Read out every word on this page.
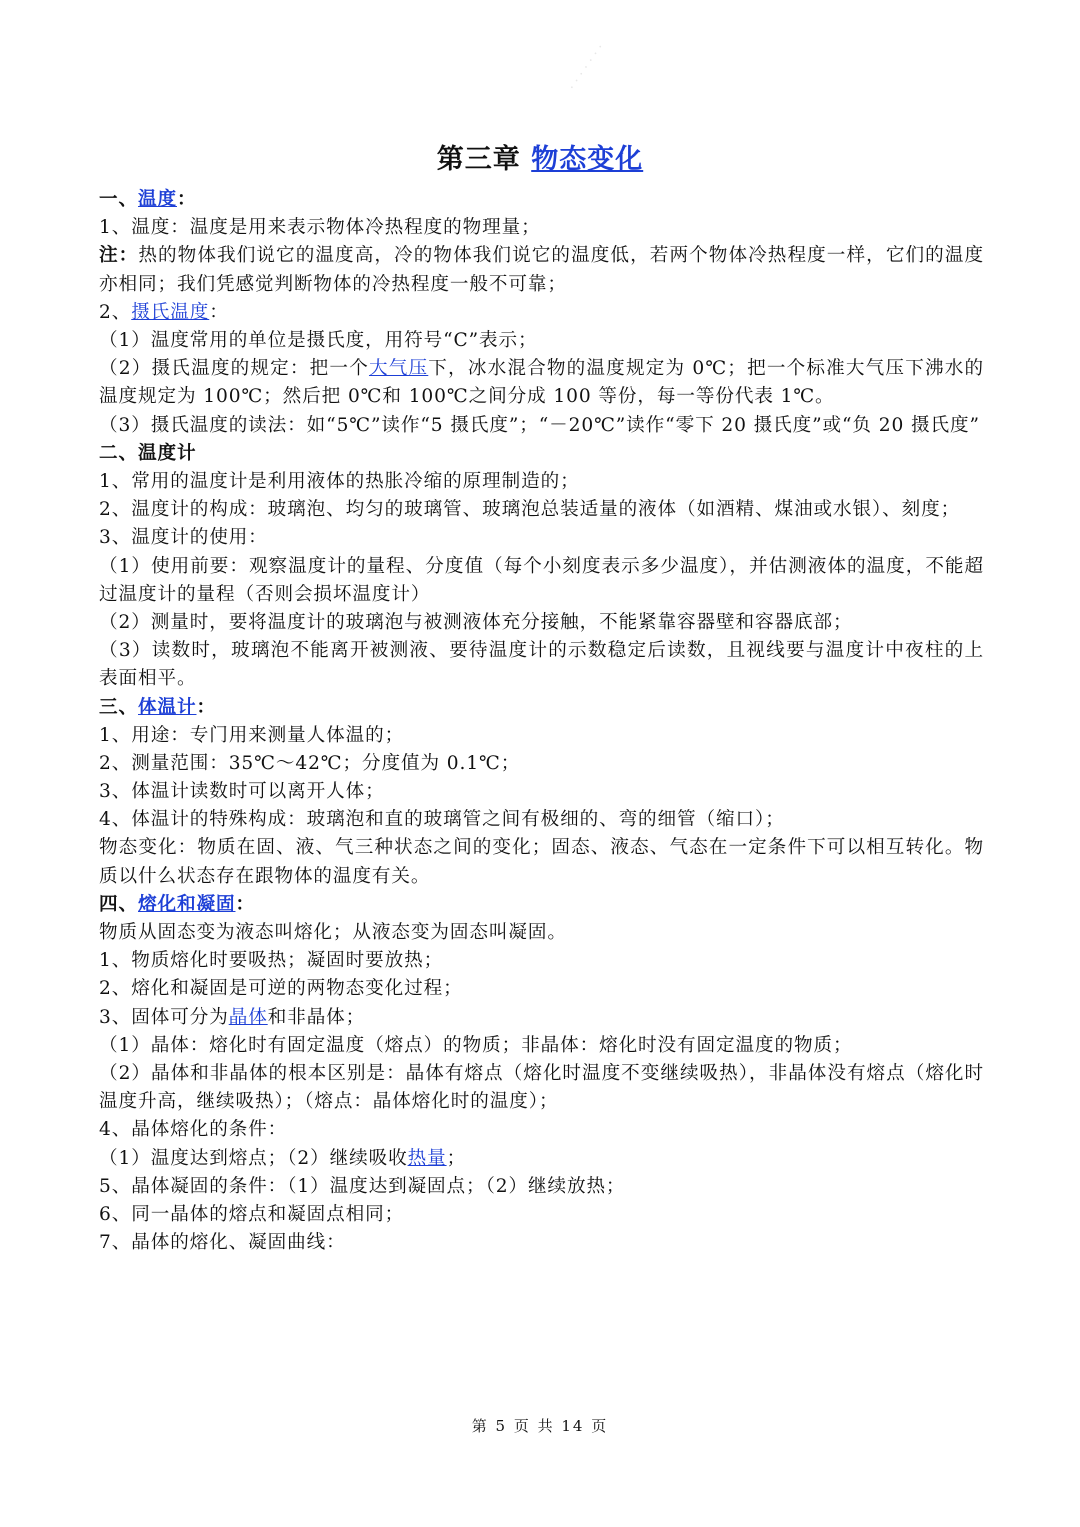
· · · · · · ·
第三章 物态变化
一、温度：
1、温度：温度是用来表示物体冷热程度的物理量；
注：热的物体我们说它的温度高，冷的物体我们说它的温度低，若两个物体冷热程度一样，它们的温度亦相同；我们凭感觉判断物体的冷热程度一般不可靠；
2、摄氏温度：
（1）温度常用的单位是摄氏度，用符号“C”表示；
（2）摄氏温度的规定：把一个大气压下，冰水混合物的温度规定为 0℃；把一个标准大气压下沸水的温度规定为 100℃；然后把 0℃和 100℃之间分成 100 等份，每一等份代表 1℃。
（3）摄氏温度的读法：如“5℃”读作“5 摄氏度”；“－20℃”读作“零下 20 摄氏度”或“负 20 摄氏度”
二、温度计
1、常用的温度计是利用液体的热胀冷缩的原理制造的；
2、温度计的构成：玻璃泡、均匀的玻璃管、玻璃泡总装适量的液体（如酒精、煤油或水银）、刻度；
3、温度计的使用：
（1）使用前要：观察温度计的量程、分度值（每个小刻度表示多少温度），并估测液体的温度，不能超过温度计的量程（否则会损坏温度计）
（2）测量时，要将温度计的玻璃泡与被测液体充分接触，不能紧靠容器壁和容器底部；
（3）读数时，玻璃泡不能离开被测液、要待温度计的示数稳定后读数，且视线要与温度计中夜柱的上表面相平。
三、体温计：
1、用途：专门用来测量人体温的；
2、测量范围：35℃～42℃；分度值为 0.1℃；
3、体温计读数时可以离开人体；
4、体温计的特殊构成：玻璃泡和直的玻璃管之间有极细的、弯的细管（缩口）；
物态变化：物质在固、液、气三种状态之间的变化；固态、液态、气态在一定条件下可以相互转化。物质以什么状态存在跟物体的温度有关。
四、熔化和凝固：
物质从固态变为液态叫熔化；从液态变为固态叫凝固。
1、物质熔化时要吸热；凝固时要放热；
2、熔化和凝固是可逆的两物态变化过程；
3、固体可分为晶体和非晶体；
（1）晶体：熔化时有固定温度（熔点）的物质；非晶体：熔化时没有固定温度的物质；
（2）晶体和非晶体的根本区别是：晶体有熔点（熔化时温度不变继续吸热），非晶体没有熔点（熔化时温度升高，继续吸热）；（熔点：晶体熔化时的温度）；
4、晶体熔化的条件：
（1）温度达到熔点；（2）继续吸收热量；
5、晶体凝固的条件：（1）温度达到凝固点；（2）继续放热；
6、同一晶体的熔点和凝固点相同；
7、晶体的熔化、凝固曲线：
第 5 页 共 14 页
